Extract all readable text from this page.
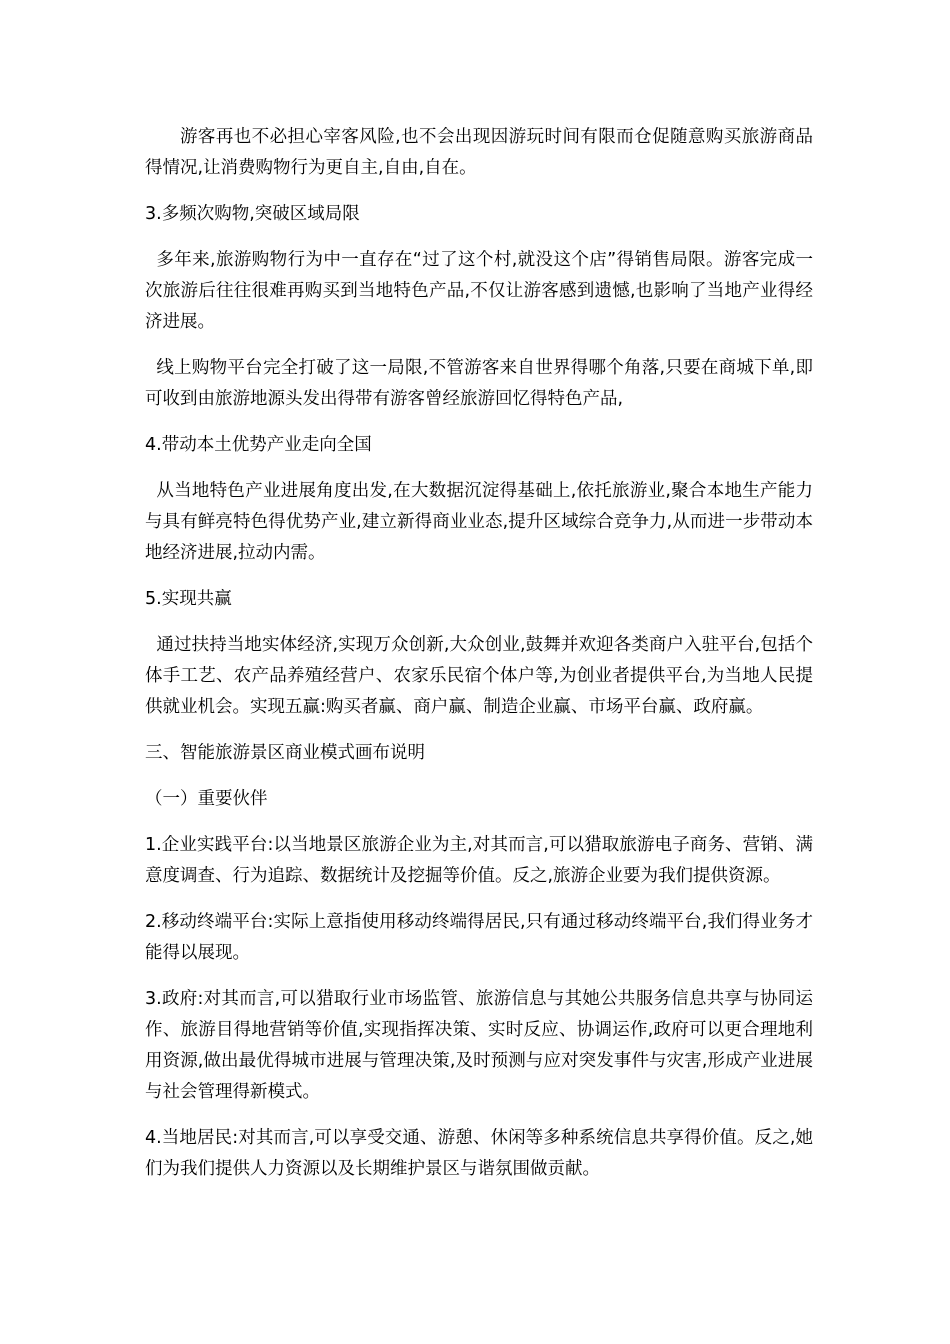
游客再也不必担心宰客风险,也不会出现因游玩时间有限而仓促随意购买旅游商品得情况,让消费购物行为更自主,自由,自在。

3.多频次购物,突破区域局限

多年来,旅游购物行为中一直存在“过了这个村,就没这个店”得销售局限。游客完成一次旅游后往往很难再购买到当地特色产品,不仅让游客感到遗憾,也影响了当地产业得经济进展。

线上购物平台完全打破了这一局限,不管游客来自世界得哪个角落,只要在商城下单,即可收到由旅游地源头发出得带有游客曾经旅游回忆得特色产品,

4.带动本土优势产业走向全国

从当地特色产业进展角度出发,在大数据沉淀得基础上,依托旅游业,聚合本地生产能力与具有鲜亮特色得优势产业,建立新得商业业态,提升区域综合竞争力,从而进一步带动本地经济进展,拉动内需。

5.实现共赢

通过扶持当地实体经济,实现万众创新,大众创业,鼓舞并欢迎各类商户入驻平台,包括个体手工艺、农产品养殖经营户、农家乐民宿个体户等,为创业者提供平台,为当地人民提供就业机会。实现五赢:购买者赢、商户赢、制造企业赢、市场平台赢、政府赢。

三、智能旅游景区商业模式画布说明

（一）重要伙伴

1.企业实践平台:以当地景区旅游企业为主,对其而言,可以猎取旅游电子商务、营销、满意度调查、行为追踪、数据统计及挖掘等价值。反之,旅游企业要为我们提供资源。

2.移动终端平台:实际上意指使用移动终端得居民,只有通过移动终端平台,我们得业务才能得以展现。

3.政府:对其而言,可以猎取行业市场监管、旅游信息与其她公共服务信息共享与协同运作、旅游目得地营销等价值,实现指挥决策、实时反应、协调运作,政府可以更合理地利用资源,做出最优得城市进展与管理决策,及时预测与应对突发事件与灾害,形成产业进展与社会管理得新模式。

4.当地居民:对其而言,可以享受交通、游憩、休闲等多种系统信息共享得价值。反之,她们为我们提供人力资源以及长期维护景区与谐氛围做贡献。
